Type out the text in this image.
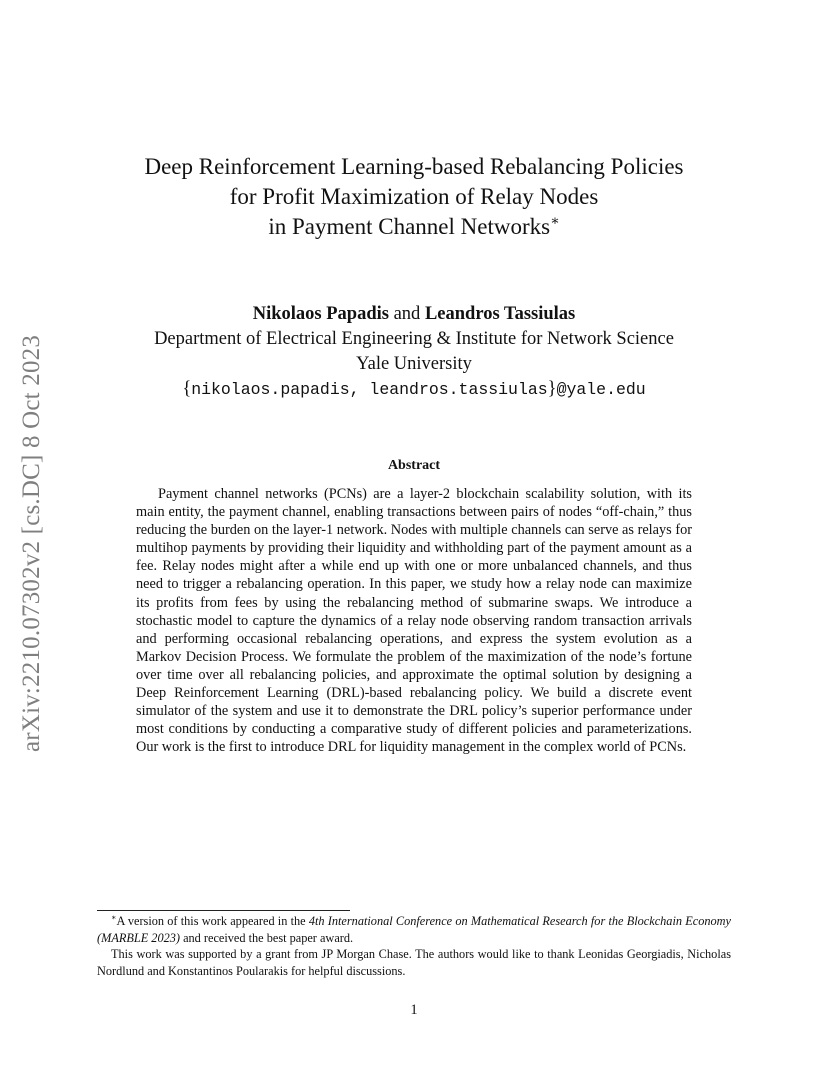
arXiv:2210.07302v2 [cs.DC] 8 Oct 2023
Deep Reinforcement Learning-based Rebalancing Policies
for Profit Maximization of Relay Nodes
in Payment Channel Networks∗
Nikolaos Papadis and Leandros Tassiulas
Department of Electrical Engineering & Institute for Network Science
Yale University
{nikolaos.papadis, leandros.tassiulas}@yale.edu
Abstract

Payment channel networks (PCNs) are a layer-2 blockchain scalability solution, with its main entity, the payment channel, enabling transactions between pairs of nodes “off-chain,” thus reducing the burden on the layer-1 network. Nodes with multiple channels can serve as relays for multihop payments by providing their liquidity and withholding part of the payment amount as a fee. Relay nodes might after a while end up with one or more unbalanced channels, and thus need to trigger a rebalancing operation. In this paper, we study how a relay node can maximize its profits from fees by using the rebalancing method of submarine swaps. We introduce a stochastic model to capture the dynamics of a relay node observing random transaction arrivals and performing occasional rebalancing operations, and express the system evolution as a Markov Decision Process. We formulate the problem of the maximization of the node’s fortune over time over all rebalancing policies, and approximate the optimal solution by designing a Deep Reinforcement Learning (DRL)-based rebalancing policy. We build a discrete event simulator of the system and use it to demonstrate the DRL policy’s superior performance under most conditions by conducting a comparative study of different policies and parameterizations. Our work is the first to introduce DRL for liquidity management in the complex world of PCNs.

∗A version of this work appeared in the 4th International Conference on Mathematical Research for the Blockchain Economy (MARBLE 2023) and received the best paper award.

This work was supported by a grant from JP Morgan Chase. The authors would like to thank Leonidas Georgiadis, Nicholas Nordlund and Konstantinos Poularakis for helpful discussions.

1
